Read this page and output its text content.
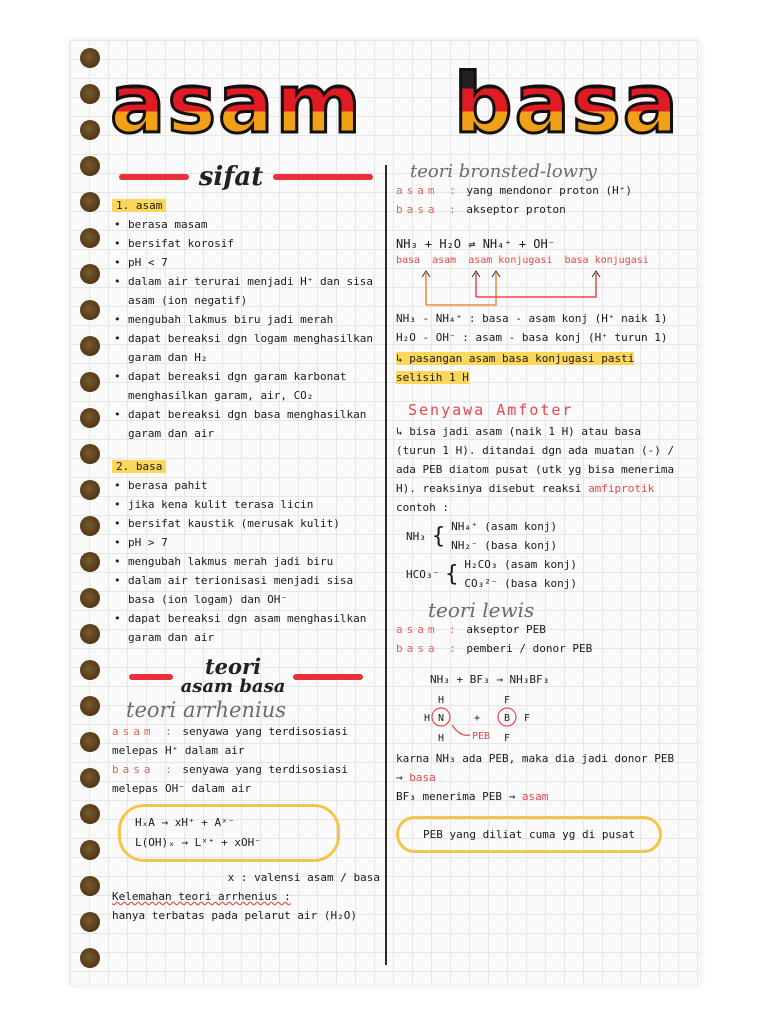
asam basa
sifat
1. asam
• berasa masam
• bersifat korosif
• pH < 7
• dalam air terurai menjadi H⁺ dan sisa asam (ion negatif)
• mengubah lakmus biru jadi merah
• dapat bereaksi dgn logam menghasilkan garam dan H₂
• dapat bereaksi dgn garam karbonat menghasilkan garam, air, CO₂
• dapat bereaksi dgn basa menghasilkan garam dan air
2. basa
• berasa pahit
• jika kena kulit terasa licin
• bersifat kaustik (merusak kulit)
• pH > 7
• mengubah lakmus merah jadi biru
• dalam air terionisasi menjadi sisa basa (ion logam) dan OH⁻
• dapat bereaksi dgn asam menghasilkan garam dan air
teori
asam basa
teori arrhenius
asam : senyawa yang terdisosiasi melepas H⁺ dalam air
basa : senyawa yang terdisosiasi melepas OH⁻ dalam air
HₓA → xH⁺ + Aˣ⁻
L(OH)ₓ → Lˣ⁺ + xOH⁻
x : valensi asam / basa
Kelemahan teori arrhenius :
hanya terbatas pada pelarut air (H₂O)
teori bronsted-lowry
asam : yang mendonor proton (H⁺)
basa : akseptor proton
NH₃ + H₂O ⇌ NH₄⁺ + OH⁻
basa asam asam konjugasi basa konjugasi
NH₃ - NH₄⁺ : basa - asam konj (H⁺ naik 1)
H₂O - OH⁻ : asam - basa konj (H⁺ turun 1)
↳ pasangan asam basa konjugasi pasti selisih 1 H
Senyawa Amfoter
↳ bisa jadi asam (naik 1 H) atau basa (turun 1 H). ditandai dgn ada muatan (-) / ada PEB diatom pusat (utk yg bisa menerima H). reaksinya disebut reaksi amfiprotik
contoh :
NH₃ { NH₄⁺ (asam konj)
NH₂⁻ (basa konj)
HCO₃⁻ { H₂CO₃ (asam konj)
CO₃²⁻ (basa konj)
teori lewis
asam : akseptor PEB
basa : pemberi / donor PEB
NH₃ + BF₃ → NH₃BF₃
H N
H
H
B F
F
F
+
PEB
karna NH₃ ada PEB, maka dia jadi donor PEB → basa
BF₃ menerima PEB → asam
PEB yang diliat cuma yg di pusat
